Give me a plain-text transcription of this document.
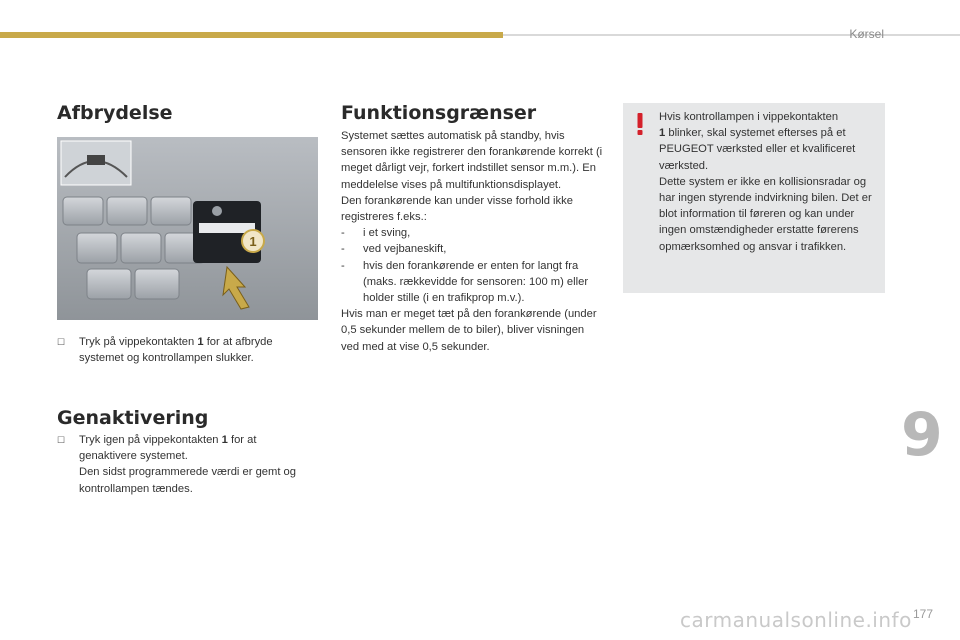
Kørsel
Afbrydelse
1
☐	Tryk på vippekontakten 1 for at afbryde systemet og kontrollampen slukker.
Genaktivering
☐	Tryk igen på vippekontakten 1 for at genaktivere systemet.
Den sidst programmerede værdi er gemt og kontrollampen tændes.
Funktionsgrænser
Systemet sættes automatisk på standby, hvis sensoren ikke registrerer den forankørende korrekt (i meget dårligt vejr, forkert indstillet sensor m.m.). En meddelelse vises på multifunktionsdisplayet.
Den forankørende kan under visse forhold ikke registreres f.eks.:
- i et sving,
- ved vejbaneskift,
- hvis den forankørende er enten for langt fra (maks. rækkevidde for sensoren: 100 m) eller holder stille (i en trafikprop m.v.).
Hvis man er meget tæt på den forankørende (under 0,5 sekunder mellem de to biler), bliver visningen ved med at vise 0,5 sekunder.
Hvis kontrollampen i vippekontakten
1 blinker, skal systemet efterses på et PEUGEOT værksted eller et kvalificeret værksted.
Dette system er ikke en kollisionsradar og har ingen styrende indvirkning bilen. Det er blot information til føreren og kan under ingen omstændigheder erstatte førerens opmærksomhed og ansvar i trafikken.
9
carmanualsonline.info 177
